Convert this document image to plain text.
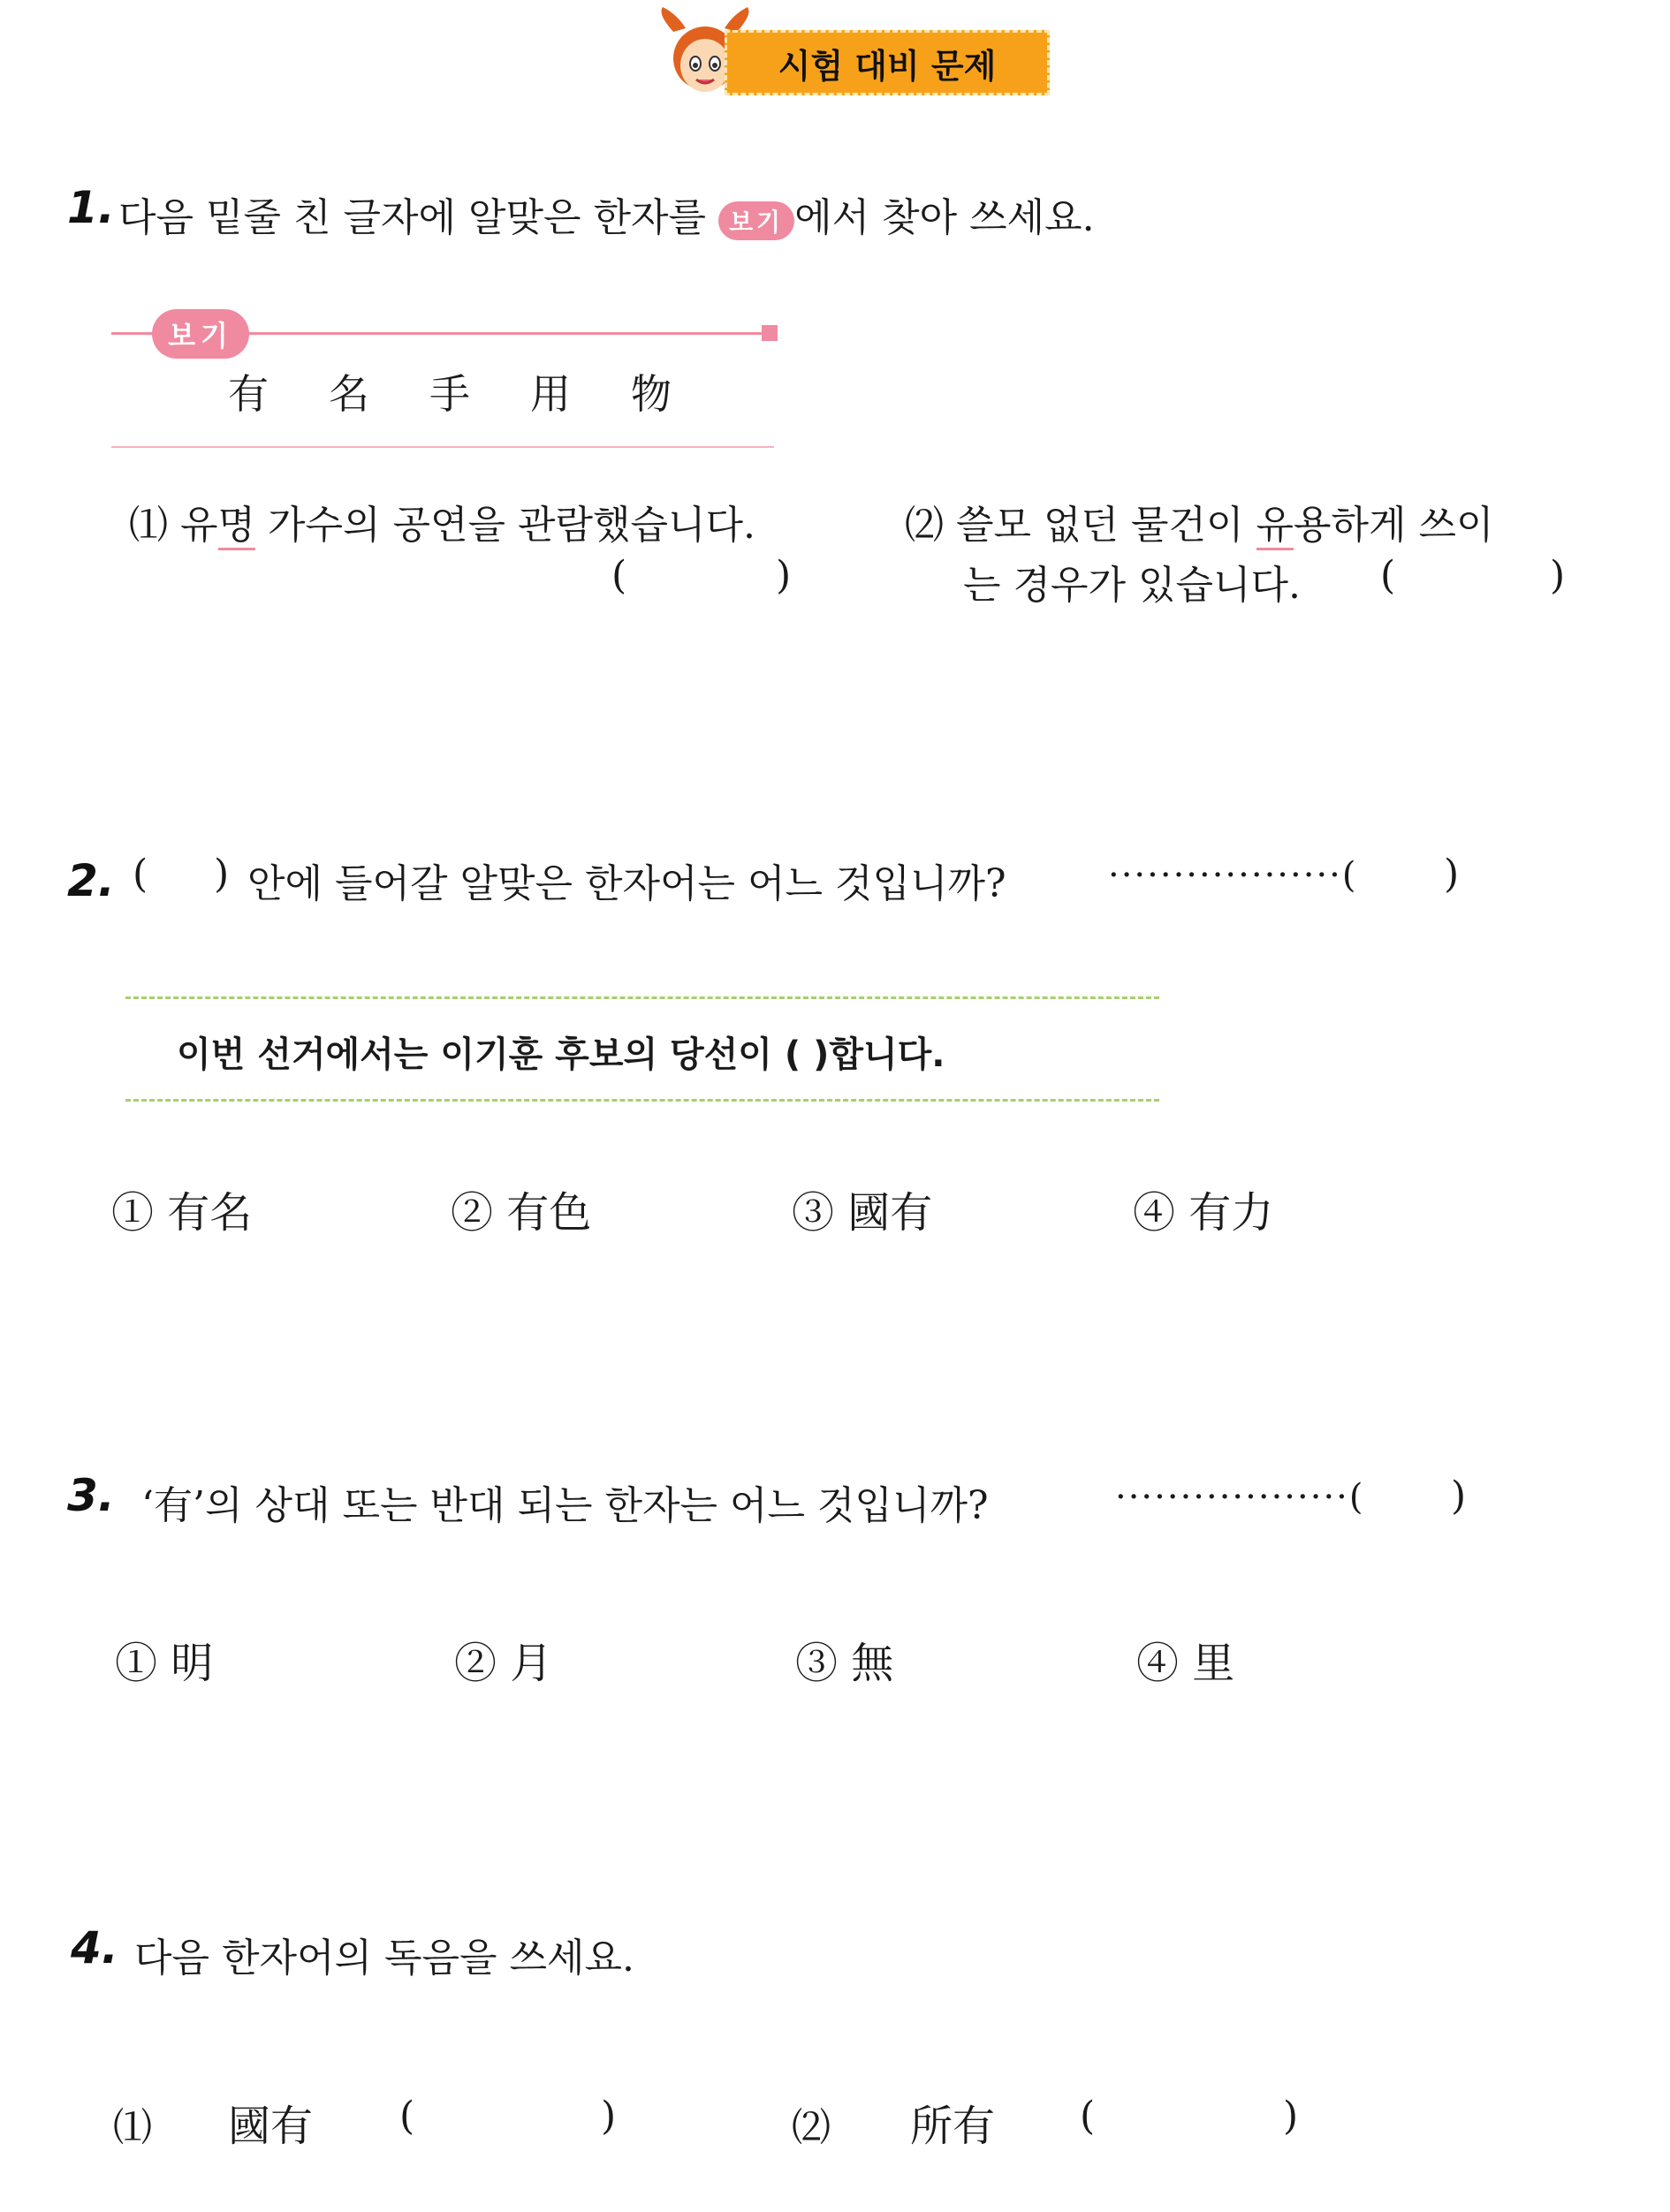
시험 대비 문제
1. 다음 밑줄 친 글자에 알맞은 한자를 보기 에서 찾아 쓰세요.
보기
有 名 手 用 物
⑴ 유명 가수의 공연을 관람했습니다.
(	)
⑵ 쓸모 없던 물건이 유용하게 쓰이
는 경우가 있습니다. (	)
2. ( ) 안에 들어갈 알맞은 한자어는 어느 것입니까?	··················( )
이번 선거에서는 이기훈 후보의 당선이 ( )합니다.
① 有名	② 有色	③ 國有	④ 有力
3. ‘有’의 상대 또는 반대 되는 한자는 어느 것입니까?	··················( )
① 明	② 月	③ 無	④ 里
4. 다음 한자어의 독음을 쓰세요.
⑴ 國有 (	)	⑵ 所有 (	)
